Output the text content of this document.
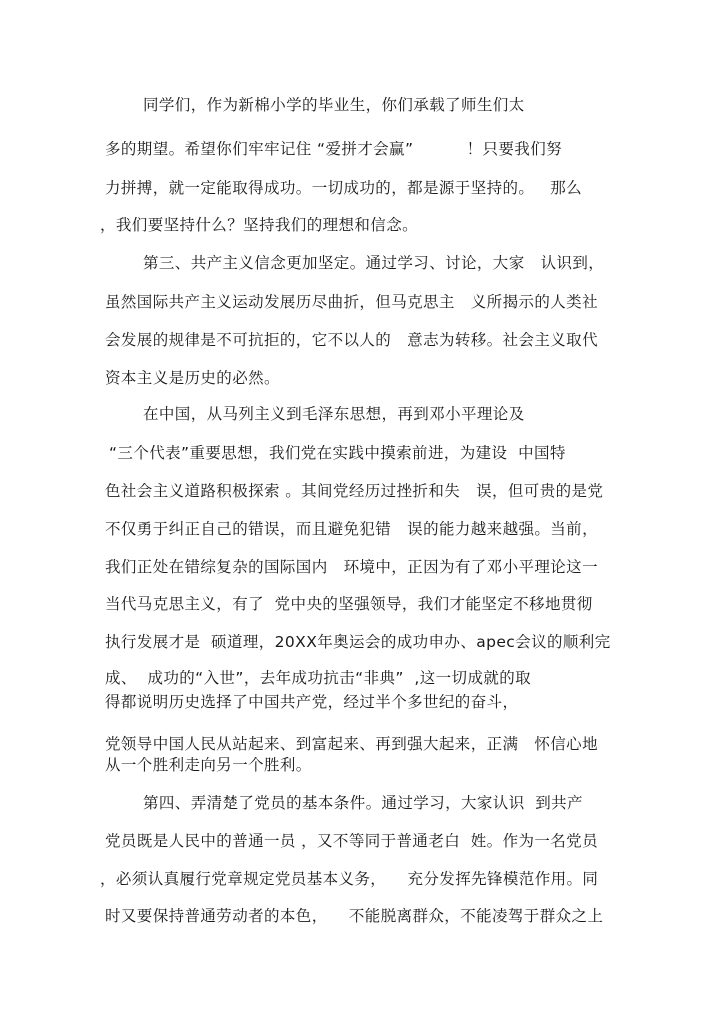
同学们，作为新棉小学的毕业生，你们承载了师生们太
多的期望。希望你们牢牢记住 “爱拼才会赢”          ！只要我们努
力拼搏，就一定能取得成功。一切成功的，都是源于坚持的。   那么
，我们要坚持什么？坚持我们的理想和信念。
第三、共产主义信念更加坚定。通过学习、讨论，大家   认识到，
虽然国际共产主义运动发展历尽曲折，但马克思主   义所揭示的人类社
会发展的规律是不可抗拒的，它不以人的   意志为转移。社会主义取代
资本主义是历史的必然。
在中国，从马列主义到毛泽东思想，再到邓小平理论及
“三个代表”重要思想，我们党在实践中摸索前进，为建设  中国特
色社会主义道路积极探索 。其间党经历过挫折和失   误，但可贵的是党
不仅勇于纠正自己的错误，而且避免犯错   误的能力越来越强。当前，
我们正处在错综复杂的国际国内   环境中，正因为有了邓小平理论这一
当代马克思主义，有了  党中央的坚强领导，我们才能坚定不移地贯彻
执行发展才是  硕道理，20XX年奥运会的成功申办、apec会议的顺利完
成、  成功的“入世”，去年成功抗击“非典”  ,这一切成就的取
得都说明历史选择了中国共产党，经过半个多世纪的奋斗，
党领导中国人民从站起来、到富起来、再到强大起来，正满   怀信心地
从一个胜利走向另一个胜利。
第四、弄清楚了党员的基本条件。通过学习，大家认识  到共产
党员既是人民中的普通一员 ，又不等同于普通老白  姓。作为一名党员
，必须认真履行党章规定党员基本义务，    充分发挥先锋模范作用。同
时又要保持普通劳动者的本色，    不能脱离群众，不能凌驾于群众之上
